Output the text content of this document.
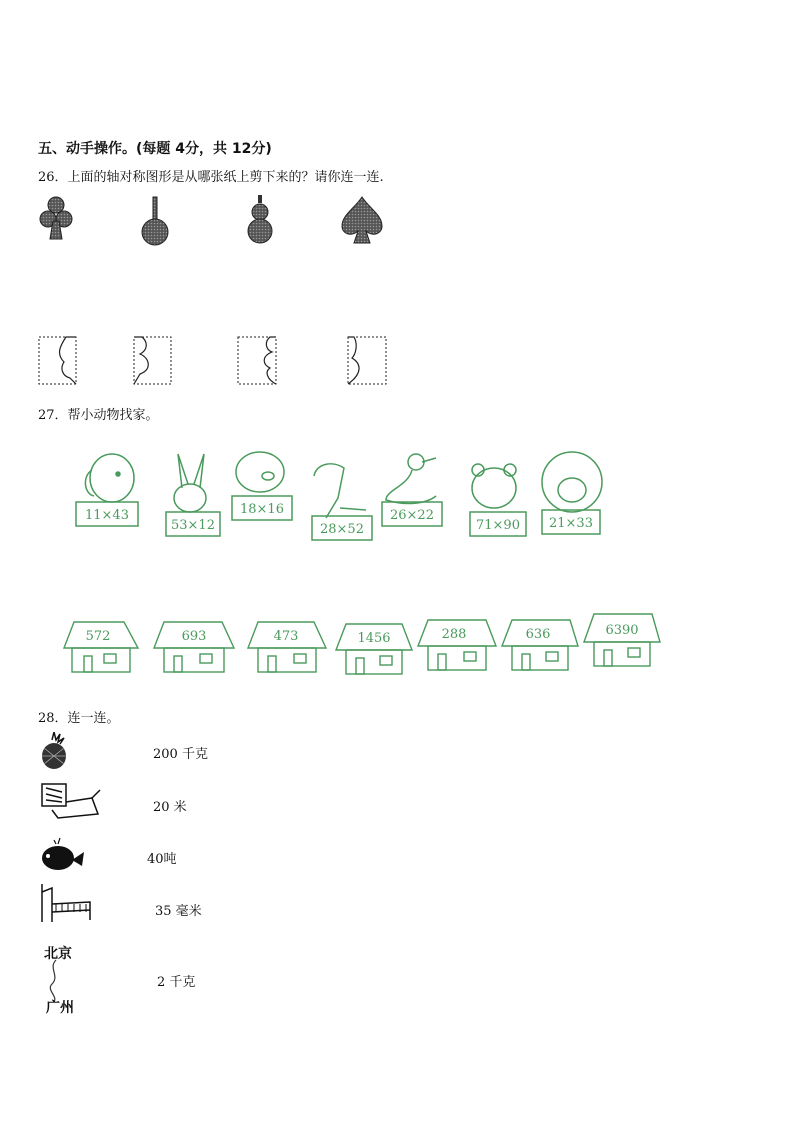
五、动手操作。(每题 4分，共 12分)
26．上面的轴对称图形是从哪张纸上剪下来的？请你连一连.
27．帮小动物找家。
11×43
53×12
18×16
28×52
26×22
71×90 21×33
572	693	473	1456	288	636	6390
28．连一连。
北京
广州
200 千克
20 米
40吨
35 毫米
2 千克
